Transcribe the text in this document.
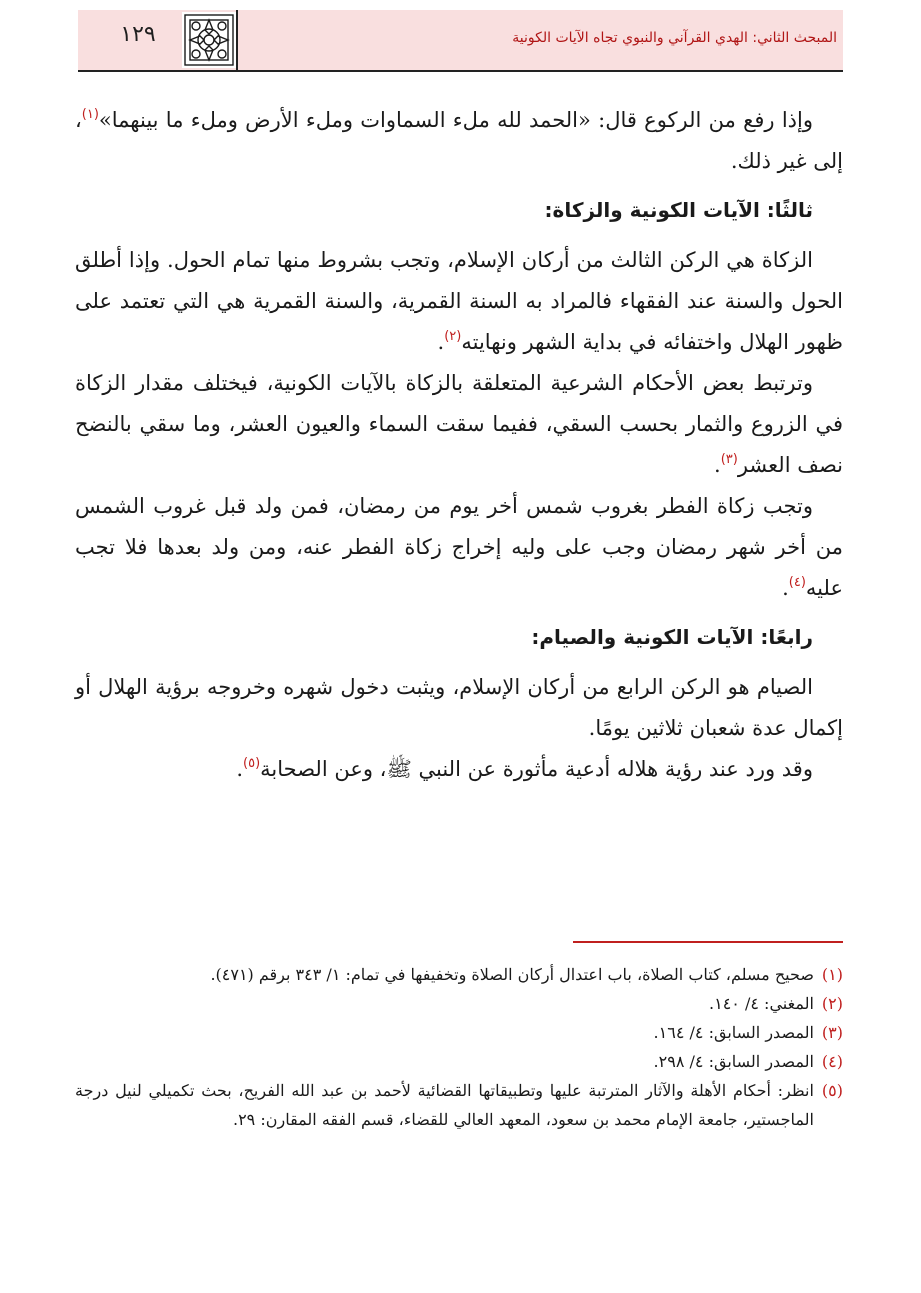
١٢٩	المبحث الثاني: الهدي القرآني والنبوي تجاه الآيات الكونية

وإذا رفع من الركوع قال: «الحمد لله ملء السماوات وملء الأرض وملء ما بينهما»$^{(١)}$، إلى غير ذلك.

ثالثًا: الآيات الكونية والزكاة:

الزكاة هي الركن الثالث من أركان الإسلام، وتجب بشروط منها تمام الحول. وإذا أطلق الحول والسنة عند الفقهاء فالمراد به السنة القمرية، والسنة القمرية هي التي تعتمد على ظهور الهلال واختفائه في بداية الشهر ونهايته$^{(٢)}$.

وترتبط بعض الأحكام الشرعية المتعلقة بالزكاة بالآيات الكونية، فيختلف مقدار الزكاة في الزروع والثمار بحسب السقي، ففيما سقت السماء والعيون العشر، وما سقي بالنضح نصف العشر$^{(٣)}$.

وتجب زكاة الفطر بغروب شمس أخر يوم من رمضان، فمن ولد قبل غروب الشمس من أخر شهر رمضان وجب على وليه إخراج زكاة الفطر عنه، ومن ولد بعدها فلا تجب عليه$^{(٤)}$.

رابعًا: الآيات الكونية والصيام:

الصيام هو الركن الرابع من أركان الإسلام، ويثبت دخول شهره وخروجه برؤية الهلال أو إكمال عدة شعبان ثلاثين يومًا.

وقد ورد عند رؤية هلاله أدعية مأثورة عن النبي ﷺ، وعن الصحابة$^{(٥)}$.

(١)
صحيح مسلم، كتاب الصلاة، باب اعتدال أركان الصلاة وتخفيفها في تمام: ١/ ٣٤٣ برقم (٤٧١).
(٢)
المغني: ٤/ ١٤٠.
(٣)
المصدر السابق: ٤/ ١٦٤.
(٤)
المصدر السابق: ٤/ ٢٩٨.
(٥)
انظر: أحكام الأهلة والآثار المترتبة عليها وتطبيقاتها القضائية لأحمد بن عبد الله الفريح، بحث تكميلي لنيل درجة الماجستير، جامعة الإمام محمد بن سعود، المعهد العالي للقضاء، قسم الفقه المقارن: ٢٩.
